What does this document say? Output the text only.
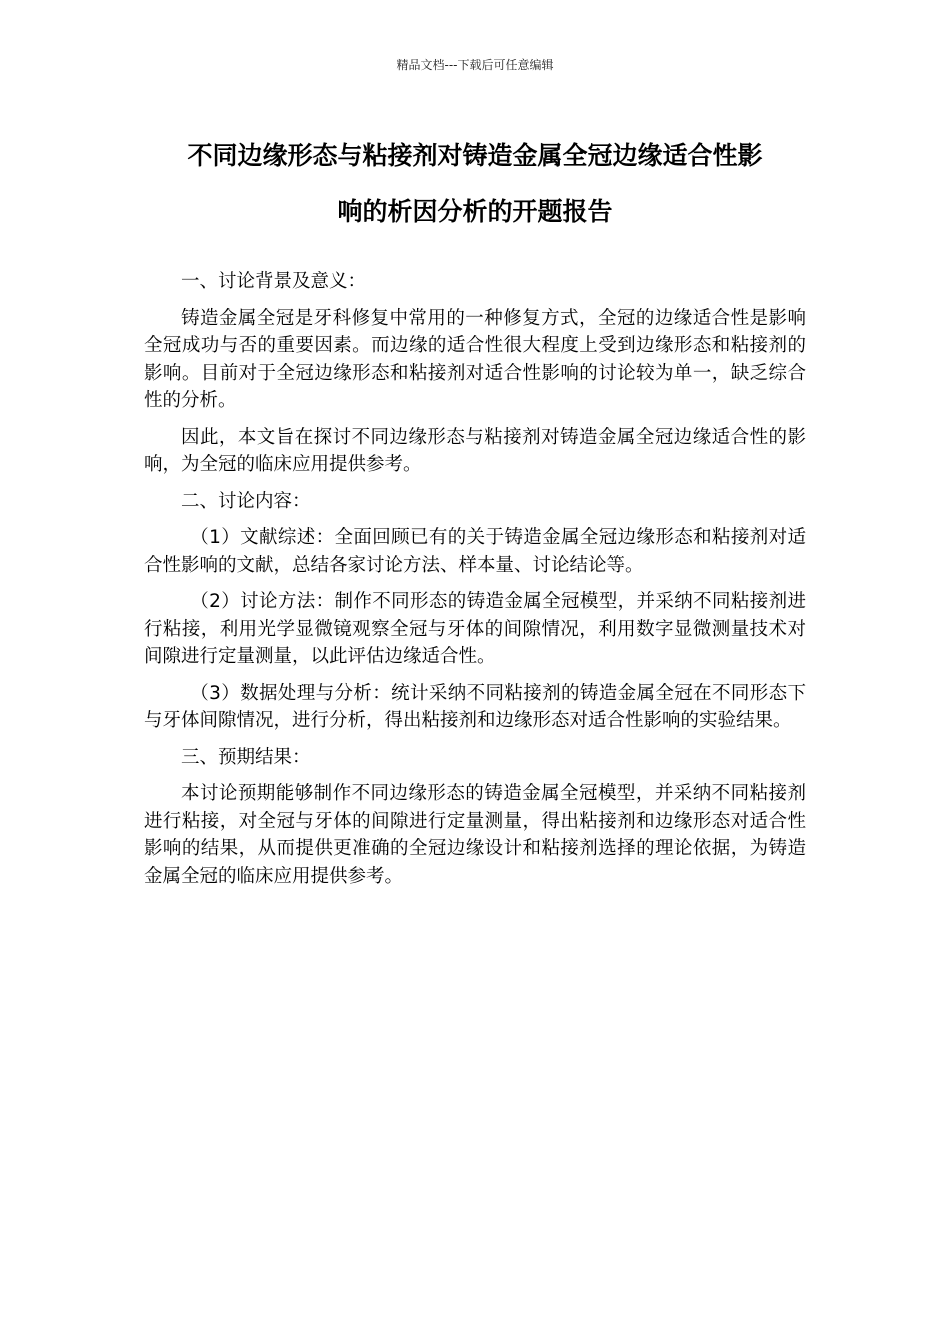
精品文档---下载后可任意编辑
不同边缘形态与粘接剂对铸造金属全冠边缘适合性影
响的析因分析的开题报告

一、讨论背景及意义：

铸造金属全冠是牙科修复中常用的一种修复方式，全冠的边缘适合性是影响全冠成功与否的重要因素。而边缘的适合性很大程度上受到边缘形态和粘接剂的影响。目前对于全冠边缘形态和粘接剂对适合性影响的讨论较为单一，缺乏综合性的分析。

因此，本文旨在探讨不同边缘形态与粘接剂对铸造金属全冠边缘适合性的影响，为全冠的临床应用提供参考。

二、讨论内容：

（1）文献综述：全面回顾已有的关于铸造金属全冠边缘形态和粘接剂对适合性影响的文献，总结各家讨论方法、样本量、讨论结论等。

（2）讨论方法：制作不同形态的铸造金属全冠模型，并采纳不同粘接剂进行粘接，利用光学显微镜观察全冠与牙体的间隙情况，利用数字显微测量技术对间隙进行定量测量，以此评估边缘适合性。

（3）数据处理与分析：统计采纳不同粘接剂的铸造金属全冠在不同形态下与牙体间隙情况，进行分析，得出粘接剂和边缘形态对适合性影响的实验结果。

三、预期结果：

本讨论预期能够制作不同边缘形态的铸造金属全冠模型，并采纳不同粘接剂进行粘接，对全冠与牙体的间隙进行定量测量，得出粘接剂和边缘形态对适合性影响的结果，从而提供更准确的全冠边缘设计和粘接剂选择的理论依据，为铸造金属全冠的临床应用提供参考。
